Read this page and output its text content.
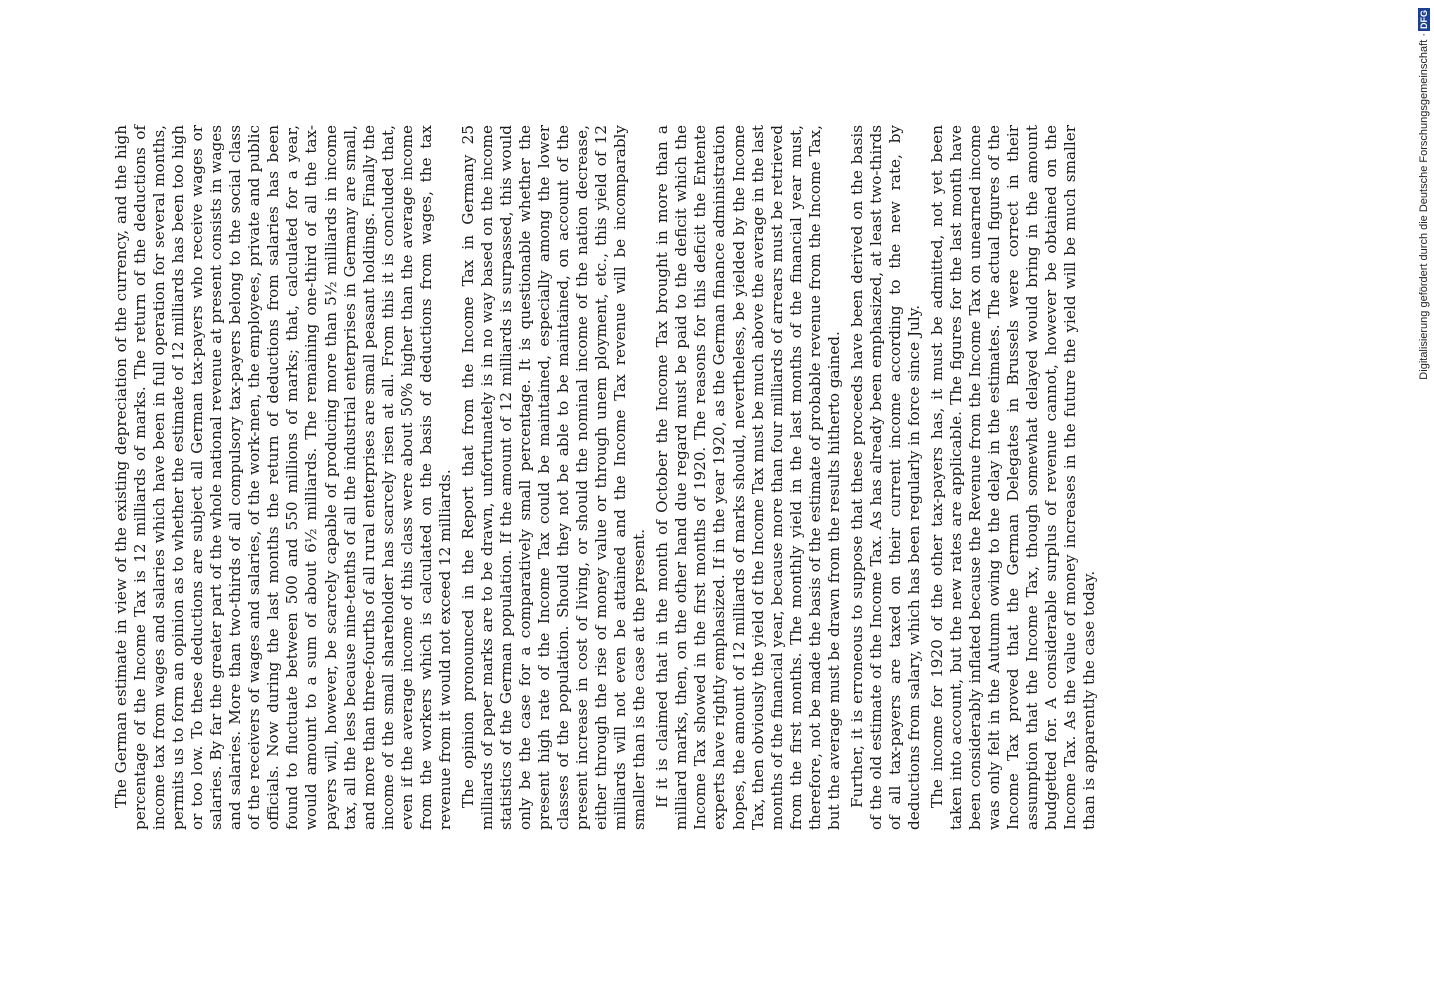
The German estimate in view of the existing depreciation of the currency, and the high percentage of the Income Tax is 12 milliards of marks. The return of the deductions of income tax from wages and salaries which have been in full operation for several months, permits us to form an opinion as to whether the estimate of 12 milliards has been too high or too low. To these deductions are subject all German tax-payers who receive wages or salaries. By far the greater part of the whole national revenue at present consists in wages and salaries. More than two-thirds of all compulsory tax-payers belong to the social class of the receivers of wages and salaries, of the work-men, the employees, private and public officials. Now during the last months the return of deductions from salaries has been found to fluctuate between 500 and 550 millions of marks; that, calculated for a year, would amount to a sum of about 6½ milliards. The remaining one-third of all the tax-payers will, however, be scarcely capable of producing more than 5½ milliards in income tax, all the less because nine-tenths of all the industrial enterprises in Germany are small, and more than three-fourths of all rural enterprises are small peasant holdings. Finally the income of the small shareholder has scarcely risen at all. From this it is concluded that, even if the average income of this class were about 50% higher than the average income from the workers which is calculated on the basis of deductions from wages, the tax revenue from it would not exceed 12 milliards. The opinion pronounced in the Report that from the Income Tax in Germany 25 milliards of paper marks are to be drawn, unfortunately is in no way based on the income statistics of the German population. If the amount of 12 milliards is surpassed, this would only be the case for a comparatively small percentage. It is questionable whether the present high rate of the Income Tax could be maintained, especially among the lower classes of the population. Should they not be able to be maintained, on account of the present increase in cost of living, or should the nominal income of the nation decrease, either through the rise of money value or through unem ployment, etc., this yield of 12 milliards will not even be attained and the Income Tax revenue will be incomparably smaller than is the case at the present. If it is claimed that in the month of October the Income Tax brought in more than a milliard marks, then, on the other hand due regard must be paid to the deficit which the Income Tax showed in the first months of 1920. The reasons for this deficit the Entente experts have rightly emphasized. If in the year 1920, as the German finance administration hopes, the amount of 12 milliards of marks should, nevertheless, be yielded by the Income Tax, then obviously the yield of the Income Tax must be much above the average in the last months of the financial year, because more than four milliards of arrears must be retrieved from the first months. The monthly yield in the last months of the financial year must, therefore, not be made the basis of the estimate of probable revenue from the Income Tax, but the average must be drawn from the results hitherto gained. Further, it is erroneous to suppose that these proceeds have been derived on the basis of the old estimate of the Income Tax. As has already been emphasized, at least two-thirds of all tax-payers are taxed on their current income according to the new rate, by deductions from salary, which has been regularly in force since July. The income for 1920 of the other tax-payers has, it must be admitted, not yet been taken into account, but the new rates are applicable. The figures for the last month have been considerably inflated because the Revenue from the Income Tax on unearned income was only felt in the Autumn owing to the delay in the estimates. The actual figures of the Income Tax proved that the German Delegates in Brussels were correct in their assumption that the Income Tax, though somewhat delayed would bring in the amount budgetted for. A considerable surplus of revenue cannot, however be obtained on the Income Tax. As the value of money increases in the future the yield will be much smaller than is apparently the case today.

Digitalisierung gefördert durch die Deutsche Forschungsgemeinschaft ·DFG
